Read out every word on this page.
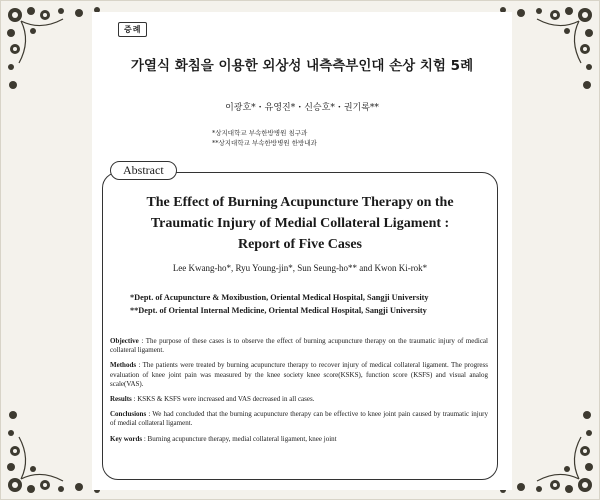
증례
가열식 화침을 이용한 외상성 내측측부인대 손상 치험 5례
이광호*・유영진*・신승호*・권기록**
*상지대학교 부속한방병원 침구과
**상지대학교 부속한방병원 한방내과
Abstract
The Effect of Burning Acupuncture Therapy on the
Traumatic Injury of Medial Collateral Ligament :
Report of Five Cases
Lee Kwang-ho*, Ryu Young-jin*, Sun Seung-ho** and Kwon Ki-rok*
*Dept. of Acupuncture & Moxibustion, Oriental Medical Hospital, Sangji University
**Dept. of Oriental Internal Medicine, Oriental Medical Hospital, Sangji University

Objective : The purpose of these cases is to observe the effect of burning acupuncture therapy on the traumatic injury of medical collateral ligament.

Methods : The patients were treated by burning acupuncture therapy to recover injury of medical collateral ligament. The progress evaluation of knee joint pain was measured by the knee society knee score(KSKS), function score (KSFS) and visual analog scale(VAS).

Results : KSKS & KSFS were increased and VAS decreased in all cases.

Conclusions : We had concluded that the burning acupuncture therapy can be effective to knee joint pain caused by traumatic injury of medial collateral ligament.

Key words : Burning acupuncture therapy, medial collateral ligament, knee joint
